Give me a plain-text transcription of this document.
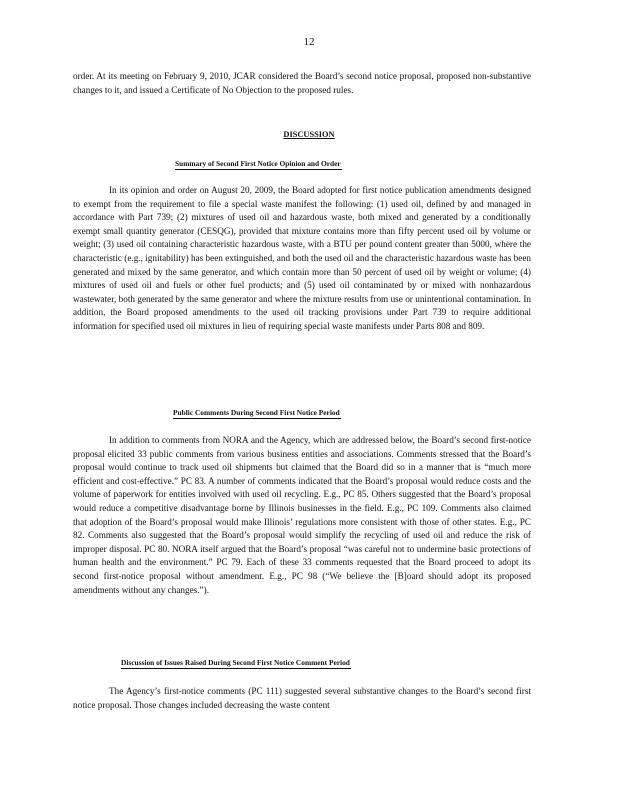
12

order. At its meeting on February 9, 2010, JCAR considered the Board’s second notice proposal, proposed non-substantive changes to it, and issued a Certificate of No Objection to the proposed rules.

DISCUSSION
Summary of Second First Notice Opinion and Order

In its opinion and order on August 20, 2009, the Board adopted for first notice publication amendments designed to exempt from the requirement to file a special waste manifest the following: (1) used oil, defined by and managed in accordance with Part 739; (2) mixtures of used oil and hazardous waste, both mixed and generated by a conditionally exempt small quantity generator (CESQG), provided that mixture contains more than fifty percent used oil by volume or weight; (3) used oil containing characteristic hazardous waste, with a BTU per pound content greater than 5000, where the characteristic (e.g., ignitability) has been extinguished, and both the used oil and the characteristic hazardous waste has been generated and mixed by the same generator, and which contain more than 50 percent of used oil by weight or volume; (4) mixtures of used oil and fuels or other fuel products; and (5) used oil contaminated by or mixed with nonhazardous wastewater, both generated by the same generator and where the mixture results from use or unintentional contamination. In addition, the Board proposed amendments to the used oil tracking provisions under Part 739 to require additional information for specified used oil mixtures in lieu of requiring special waste manifests under Parts 808 and 809.

Public Comments During Second First Notice Period

In addition to comments from NORA and the Agency, which are addressed below, the Board’s second first-notice proposal elicited 33 public comments from various business entities and associations. Comments stressed that the Board’s proposal would continue to track used oil shipments but claimed that the Board did so in a manner that is “much more efficient and cost-effective.” PC 83. A number of comments indicated that the Board’s proposal would reduce costs and the volume of paperwork for entities involved with used oil recycling. E.g., PC 85. Others suggested that the Board’s proposal would reduce a competitive disadvantage borne by Illinois businesses in the field. E.g., PC 109. Comments also claimed that adoption of the Board’s proposal would make Illinois’ regulations more consistent with those of other states. E.g., PC 82. Comments also suggested that the Board’s proposal would simplify the recycling of used oil and reduce the risk of improper disposal. PC 80. NORA itself argued that the Board’s proposal “was careful not to undermine basic protections of human health and the environment.” PC 79. Each of these 33 comments requested that the Board proceed to adopt its second first-notice proposal without amendment. E.g., PC 98 (“We believe the [B]oard should adopt its proposed amendments without any changes.”).

Discussion of Issues Raised During Second First Notice Comment Period

The Agency’s first-notice comments (PC 111) suggested several substantive changes to the Board’s second first notice proposal. Those changes included decreasing the waste content
